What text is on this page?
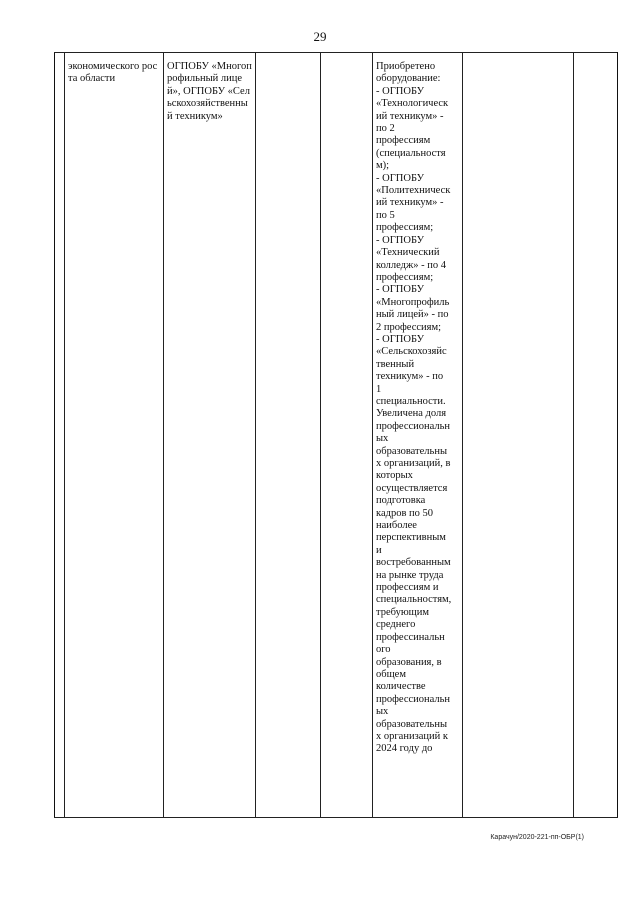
29
	экономического роста области	ОГПОБУ «Многопрофильный лицей», ОГПОБУ «Сельскохозяйственный техникум»			Приобретено
оборудование:
- ОГПОБУ
«Технологическ
ий техникум» -
по 2
профессиям
(специальностя
м);
- ОГПОБУ
«Политехническ
ий техникум» -
по 5
профессиям;
- ОГПОБУ
«Технический
колледж» - по 4
профессиям;
- ОГПОБУ
«Многопрофиль
ный лицей» - по
2 профессиям;
- ОГПОБУ
«Сельскохозяйс
твенный
техникум» - по
1
специальности.
Увеличена доля
профессиональн
ых
образовательны
х организаций, в
которых
осуществляется
подготовка
кадров по 50
наиболее
перспективным
и
востребованным
на рынке труда
профессиям и
специальностям,
требующим
среднего
профессинальн
ого
образования, в
общем
количестве
профессиональн
ых
образовательны
х организаций к
2024 году до		
Карачун/2020-221-пп-ОБР(1)
